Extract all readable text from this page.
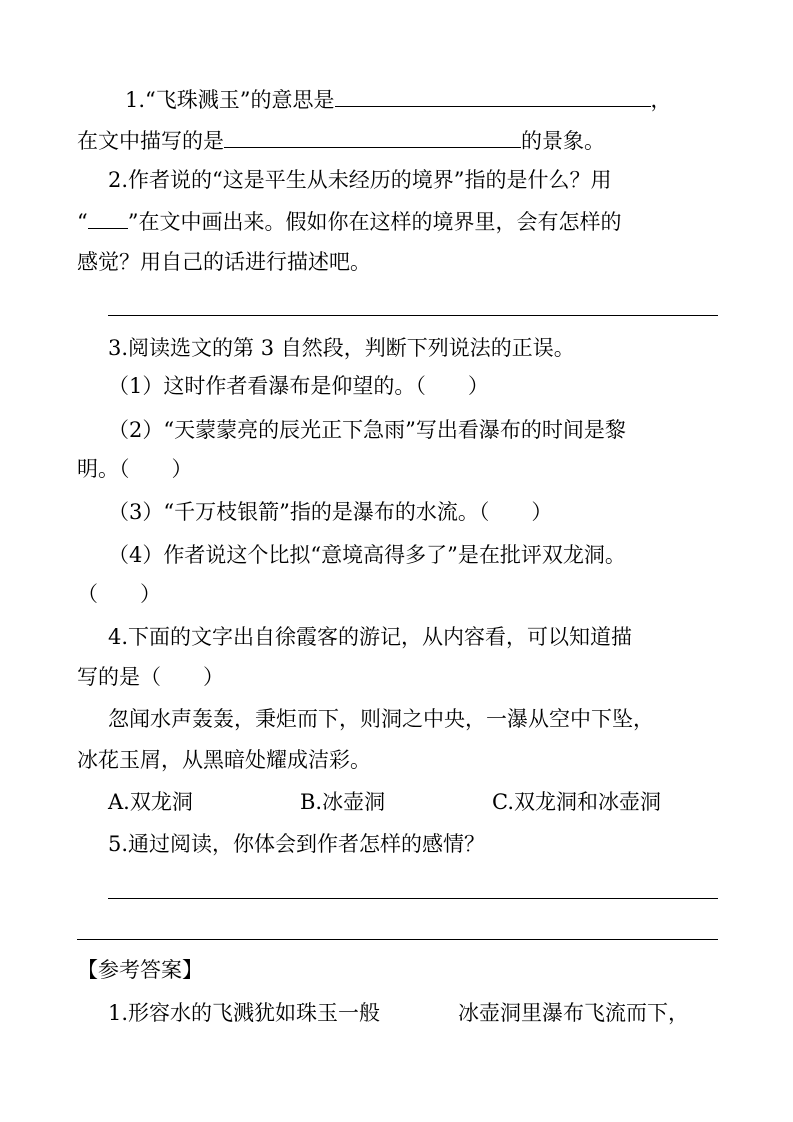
1.“飞珠溅玉”的意思是	，
在文中描写的是	的景象。
2.作者说的“这是平生从未经历的境界”指的是什么？用
“ ”在文中画出来。假如你在这样的境界里，会有怎样的
感觉？用自己的话进行描述吧。
3.阅读选文的第 3 自然段，判断下列说法的正误。
（1）这时作者看瀑布是仰望的。（　　）
（2）“天蒙蒙亮的辰光正下急雨”写出看瀑布的时间是黎
明。（　　）
（3）“千万枝银箭”指的是瀑布的水流。（　　）
（4）作者说这个比拟“意境高得多了”是在批评双龙洞。
（　　）
4.下面的文字出自徐霞客的游记，从内容看，可以知道描
写的是（　　）
忽闻水声轰轰，秉炬而下，则洞之中央，一瀑从空中下坠，
冰花玉屑，从黑暗处耀成洁彩。
A.双龙洞	B.冰壶洞	C.双龙洞和冰壶洞
5.通过阅读，你体会到作者怎样的感情？
【参考答案】
1.形容水的飞溅犹如珠玉一般	冰壶洞里瀑布飞流而下，
